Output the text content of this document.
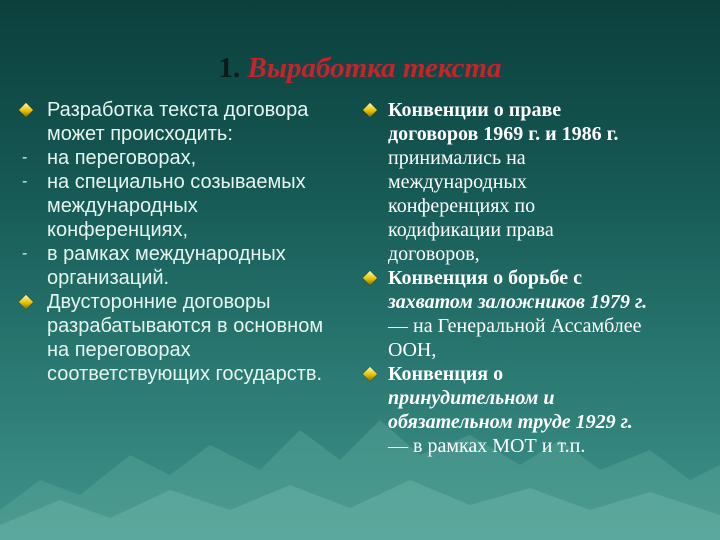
1. Выработка текста
Разработка текста договора
может происходить:
- на переговорах,
- на специально созываемых
международных
конференциях,
- в рамках международных
организаций.
Двусторонние договоры
разрабатываются в основном
на переговорах
соответствующих государств.
Конвенции о праве
договоров 1969 г. и 1986 г.
принимались на
международных
конференциях по
кодификации права
договоров,
Конвенция о борьбе с
захватом заложников 1979 г.
— на Генеральной Ассамблее
ООН,
Конвенция о
принудительном и
обязательном труде 1929 г.
— в рамках МОТ и т.п.
